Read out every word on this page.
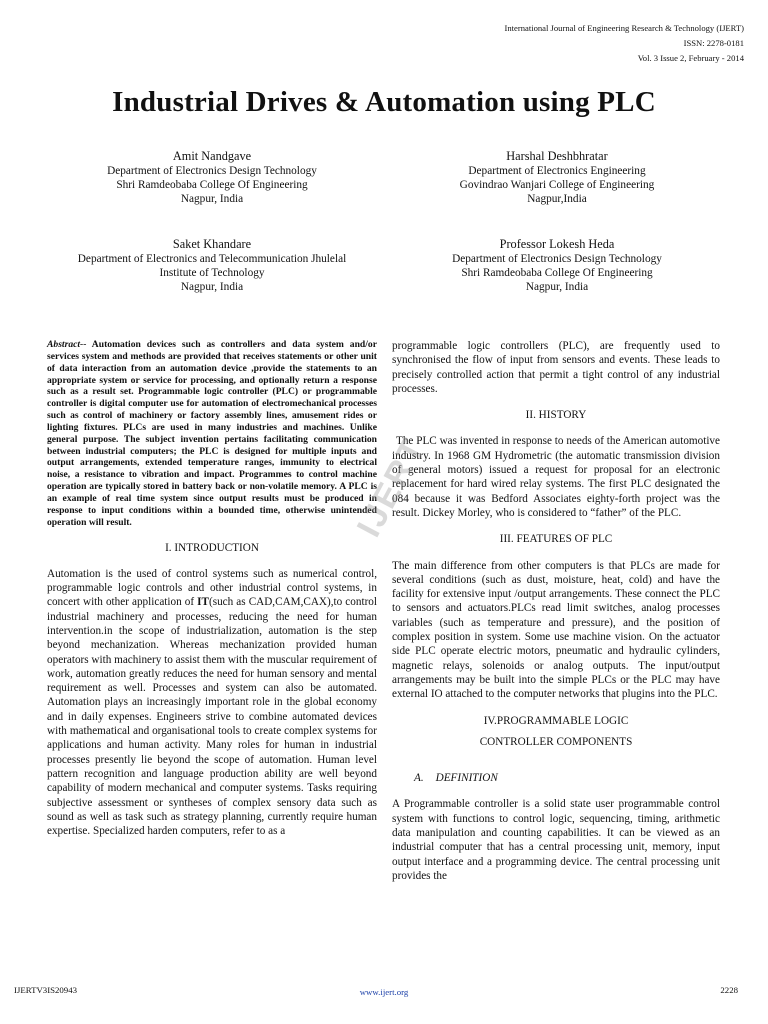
International Journal of Engineering Research & Technology (IJERT)
ISSN: 2278-0181
Vol. 3 Issue 2, February - 2014
Industrial Drives & Automation using PLC
Amit Nandgave
Department of Electronics Design Technology
Shri Ramdeobaba College Of Engineering
Nagpur, India
Harshal Deshbhratar
Department of Electronics Engineering
Govindrao Wanjari College of Engineering
Nagpur,India
Saket Khandare
Department of Electronics and Telecommunication Jhulelal
Institute of Technology
Nagpur, India
Professor Lokesh Heda
Department of Electronics Design Technology
Shri Ramdeobaba College Of Engineering
Nagpur, India

Abstract-- Automation devices such as controllers and data system and/or services system and methods are provided that receives statements or other unit of data interaction from an automation device ,provide the statements to an appropriate system or service for processing, and optionally return a response such as a result set. Programmable logic controller (PLC) or programmable controller is digital computer use for automation of electromechanical processes such as control of machinery or factory assembly lines, amusement rides or lighting fixtures. PLCs are used in many industries and machines. Unlike general purpose. The subject invention pertains facilitating communication between industrial computers; the PLC is designed for multiple inputs and output arrangements, extended temperature ranges, immunity to electrical noise, a resistance to vibration and impact. Programmes to control machine operation are typically stored in battery back or non-volatile memory. A PLC is an example of real time system since output results must be produced in response to input conditions within a bounded time, otherwise unintended operation will result.

I. INTRODUCTION

Automation is the used of control systems such as numerical control, programmable logic controls and other industrial control systems, in concert with other application of IT(such as CAD,CAM,CAX),to control industrial machinery and processes, reducing the need for human intervention.in the scope of industrialization, automation is the step beyond mechanization. Whereas mechanization provided human operators with machinery to assist them with the muscular requirement of work, automation greatly reduces the need for human sensory and mental requirement as well. Processes and system can also be automated. Automation plays an increasingly important role in the global economy and in daily expenses. Engineers strive to combine automated devices with mathematical and organisational tools to create complex systems for applications and human activity. Many roles for human in industrial processes presently lie beyond the scope of automation. Human level pattern recognition and language production ability are well beyond capability of modern mechanical and computer systems. Tasks requiring subjective assessment or syntheses of complex sensory data such as sound as well as task such as strategy planning, currently require human expertise. Specialized harden computers, refer to as a

programmable logic controllers (PLC), are frequently used to synchronised the flow of input from sensors and events. These leads to precisely controlled action that permit a tight control of any industrial processes.

II. HISTORY

The PLC was invented in response to needs of the American automotive industry. In 1968 GM Hydrometric (the automatic transmission division of general motors) issued a request for proposal for an electronic replacement for hard wired relay systems. The first PLC designated the 084 because it was Bedford Associates eighty-forth project was the result. Dickey Morley, who is considered to “father” of the PLC.

III. FEATURES OF PLC

The main difference from other computers is that PLCs are made for several conditions (such as dust, moisture, heat, cold) and have the facility for extensive input /output arrangements. These connect the PLC to sensors and actuators.PLCs read limit switches, analog processes variables (such as temperature and pressure), and the position of complex position in system. Some use machine vision. On the actuator side PLC operate electric motors, pneumatic and hydraulic cylinders, magnetic relays, solenoids or analog outputs. The input/output arrangements may be built into the simple PLCs or the PLC may have external IO attached to the computer networks that plugins into the PLC.

IV.PROGRAMMABLE LOGIC
CONTROLLER COMPONENTS
A. DEFINITION

A Programmable controller is a solid state user programmable control system with functions to control logic, sequencing, timing, arithmetic data manipulation and counting capabilities. It can be viewed as an industrial computer that has a central processing unit, memory, input output interface and a programming device. The central processing unit provides the

IJERT
IJERTV3IS20943	www.ijert.org	2228
